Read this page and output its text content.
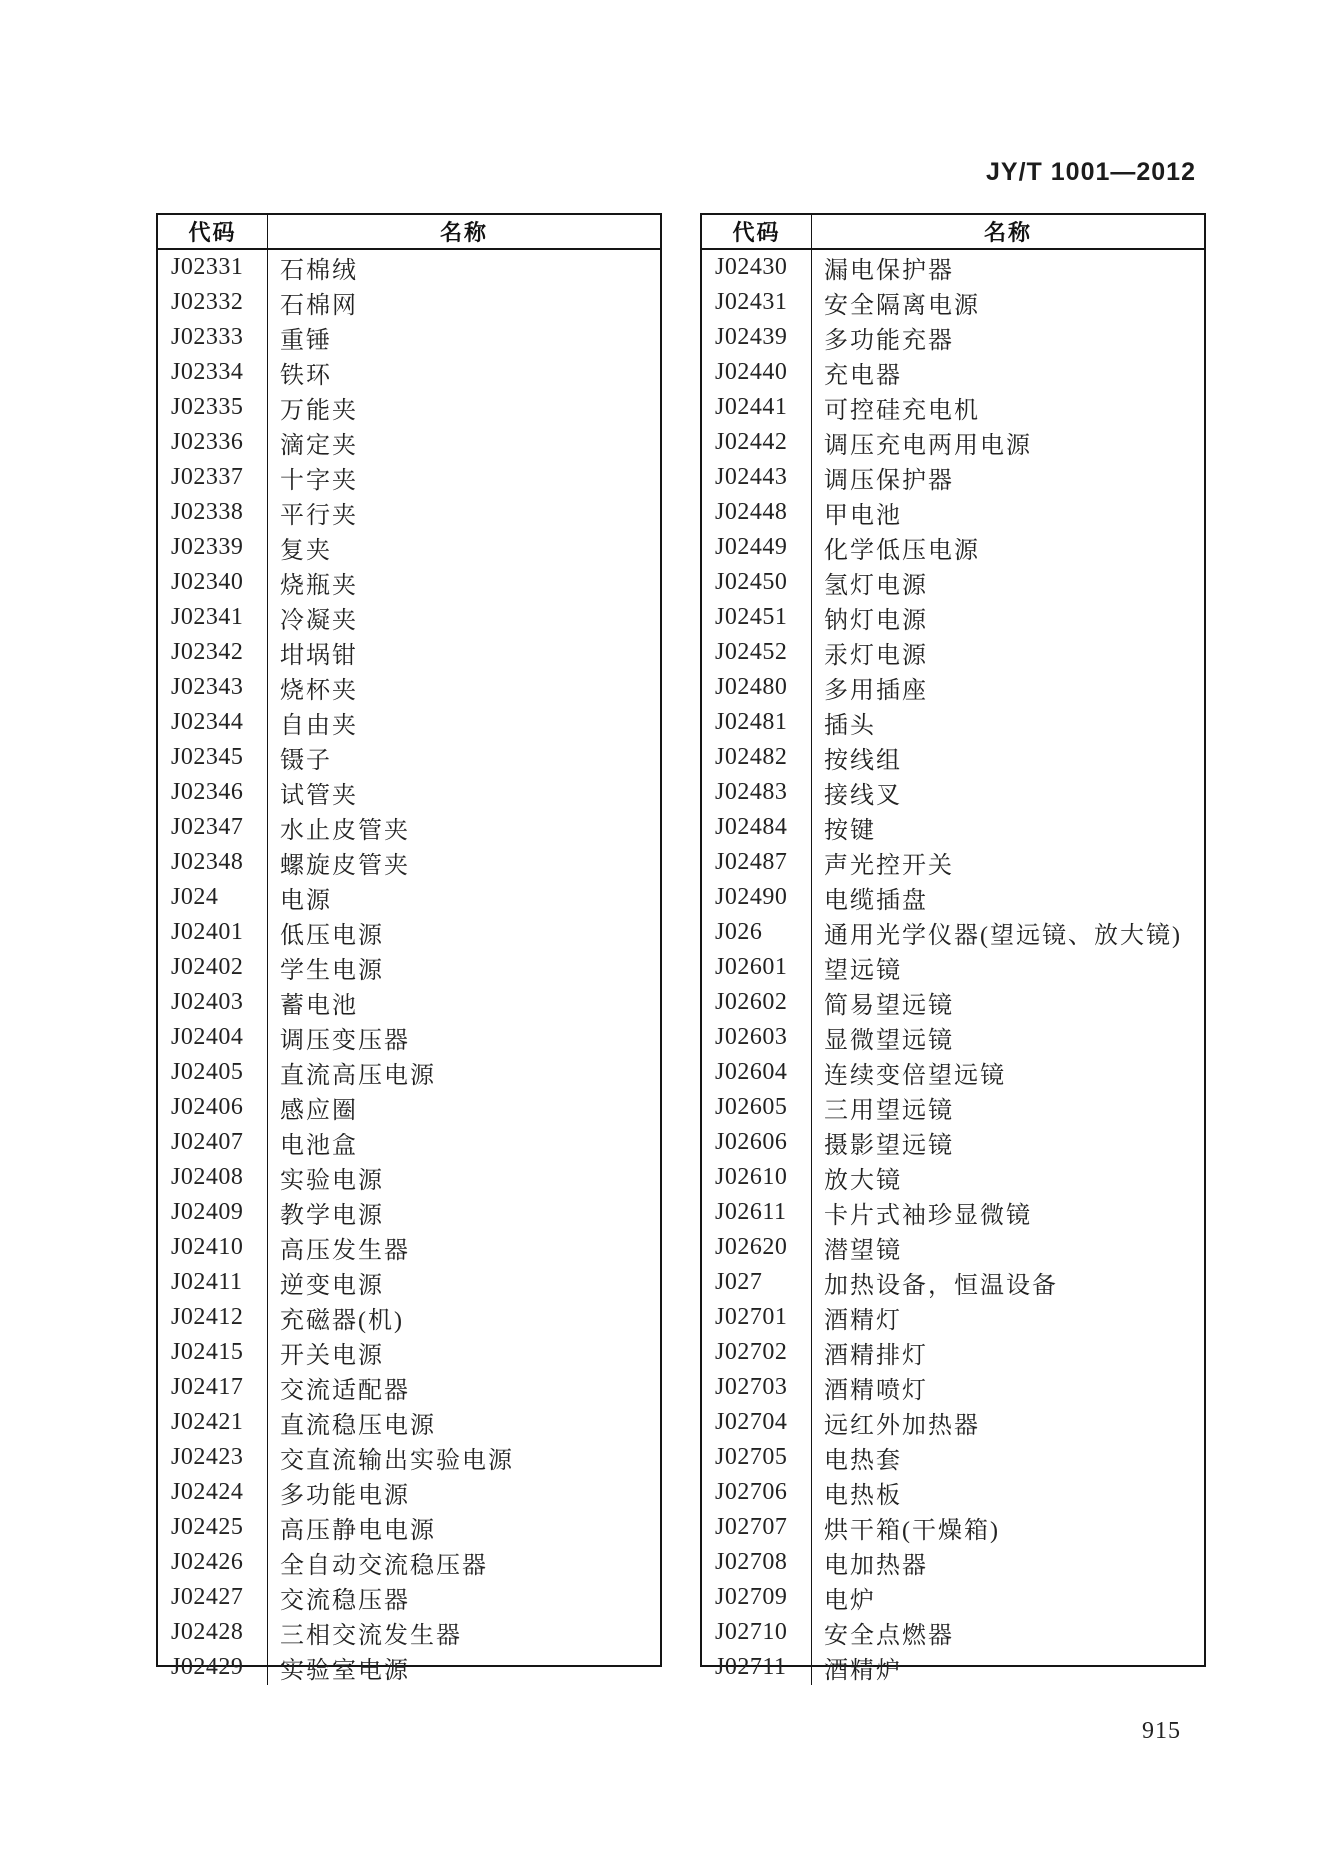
JY/T 1001—2012
代码	名称
J02331	石棉绒
J02332	石棉网
J02333	重锤
J02334	铁环
J02335	万能夹
J02336	滴定夹
J02337	十字夹
J02338	平行夹
J02339	复夹
J02340	烧瓶夹
J02341	冷凝夹
J02342	坩埚钳
J02343	烧杯夹
J02344	自由夹
J02345	镊子
J02346	试管夹
J02347	水止皮管夹
J02348	螺旋皮管夹
J024	电源
J02401	低压电源
J02402	学生电源
J02403	蓄电池
J02404	调压变压器
J02405	直流高压电源
J02406	感应圈
J02407	电池盒
J02408	实验电源
J02409	教学电源
J02410	高压发生器
J02411	逆变电源
J02412	充磁器(机)
J02415	开关电源
J02417	交流适配器
J02421	直流稳压电源
J02423	交直流输出实验电源
J02424	多功能电源
J02425	高压静电电源
J02426	全自动交流稳压器
J02427	交流稳压器
J02428	三相交流发生器
J02429	实验室电源
代码	名称
J02430	漏电保护器
J02431	安全隔离电源
J02439	多功能充器
J02440	充电器
J02441	可控硅充电机
J02442	调压充电两用电源
J02443	调压保护器
J02448	甲电池
J02449	化学低压电源
J02450	氢灯电源
J02451	钠灯电源
J02452	汞灯电源
J02480	多用插座
J02481	插头
J02482	按线组
J02483	接线叉
J02484	按键
J02487	声光控开关
J02490	电缆插盘
J026	通用光学仪器(望远镜、放大镜)
J02601	望远镜
J02602	简易望远镜
J02603	显微望远镜
J02604	连续变倍望远镜
J02605	三用望远镜
J02606	摄影望远镜
J02610	放大镜
J02611	卡片式袖珍显微镜
J02620	潜望镜
J027	加热设备，恒温设备
J02701	酒精灯
J02702	酒精排灯
J02703	酒精喷灯
J02704	远红外加热器
J02705	电热套
J02706	电热板
J02707	烘干箱(干燥箱)
J02708	电加热器
J02709	电炉
J02710	安全点燃器
J02711	酒精炉
915
